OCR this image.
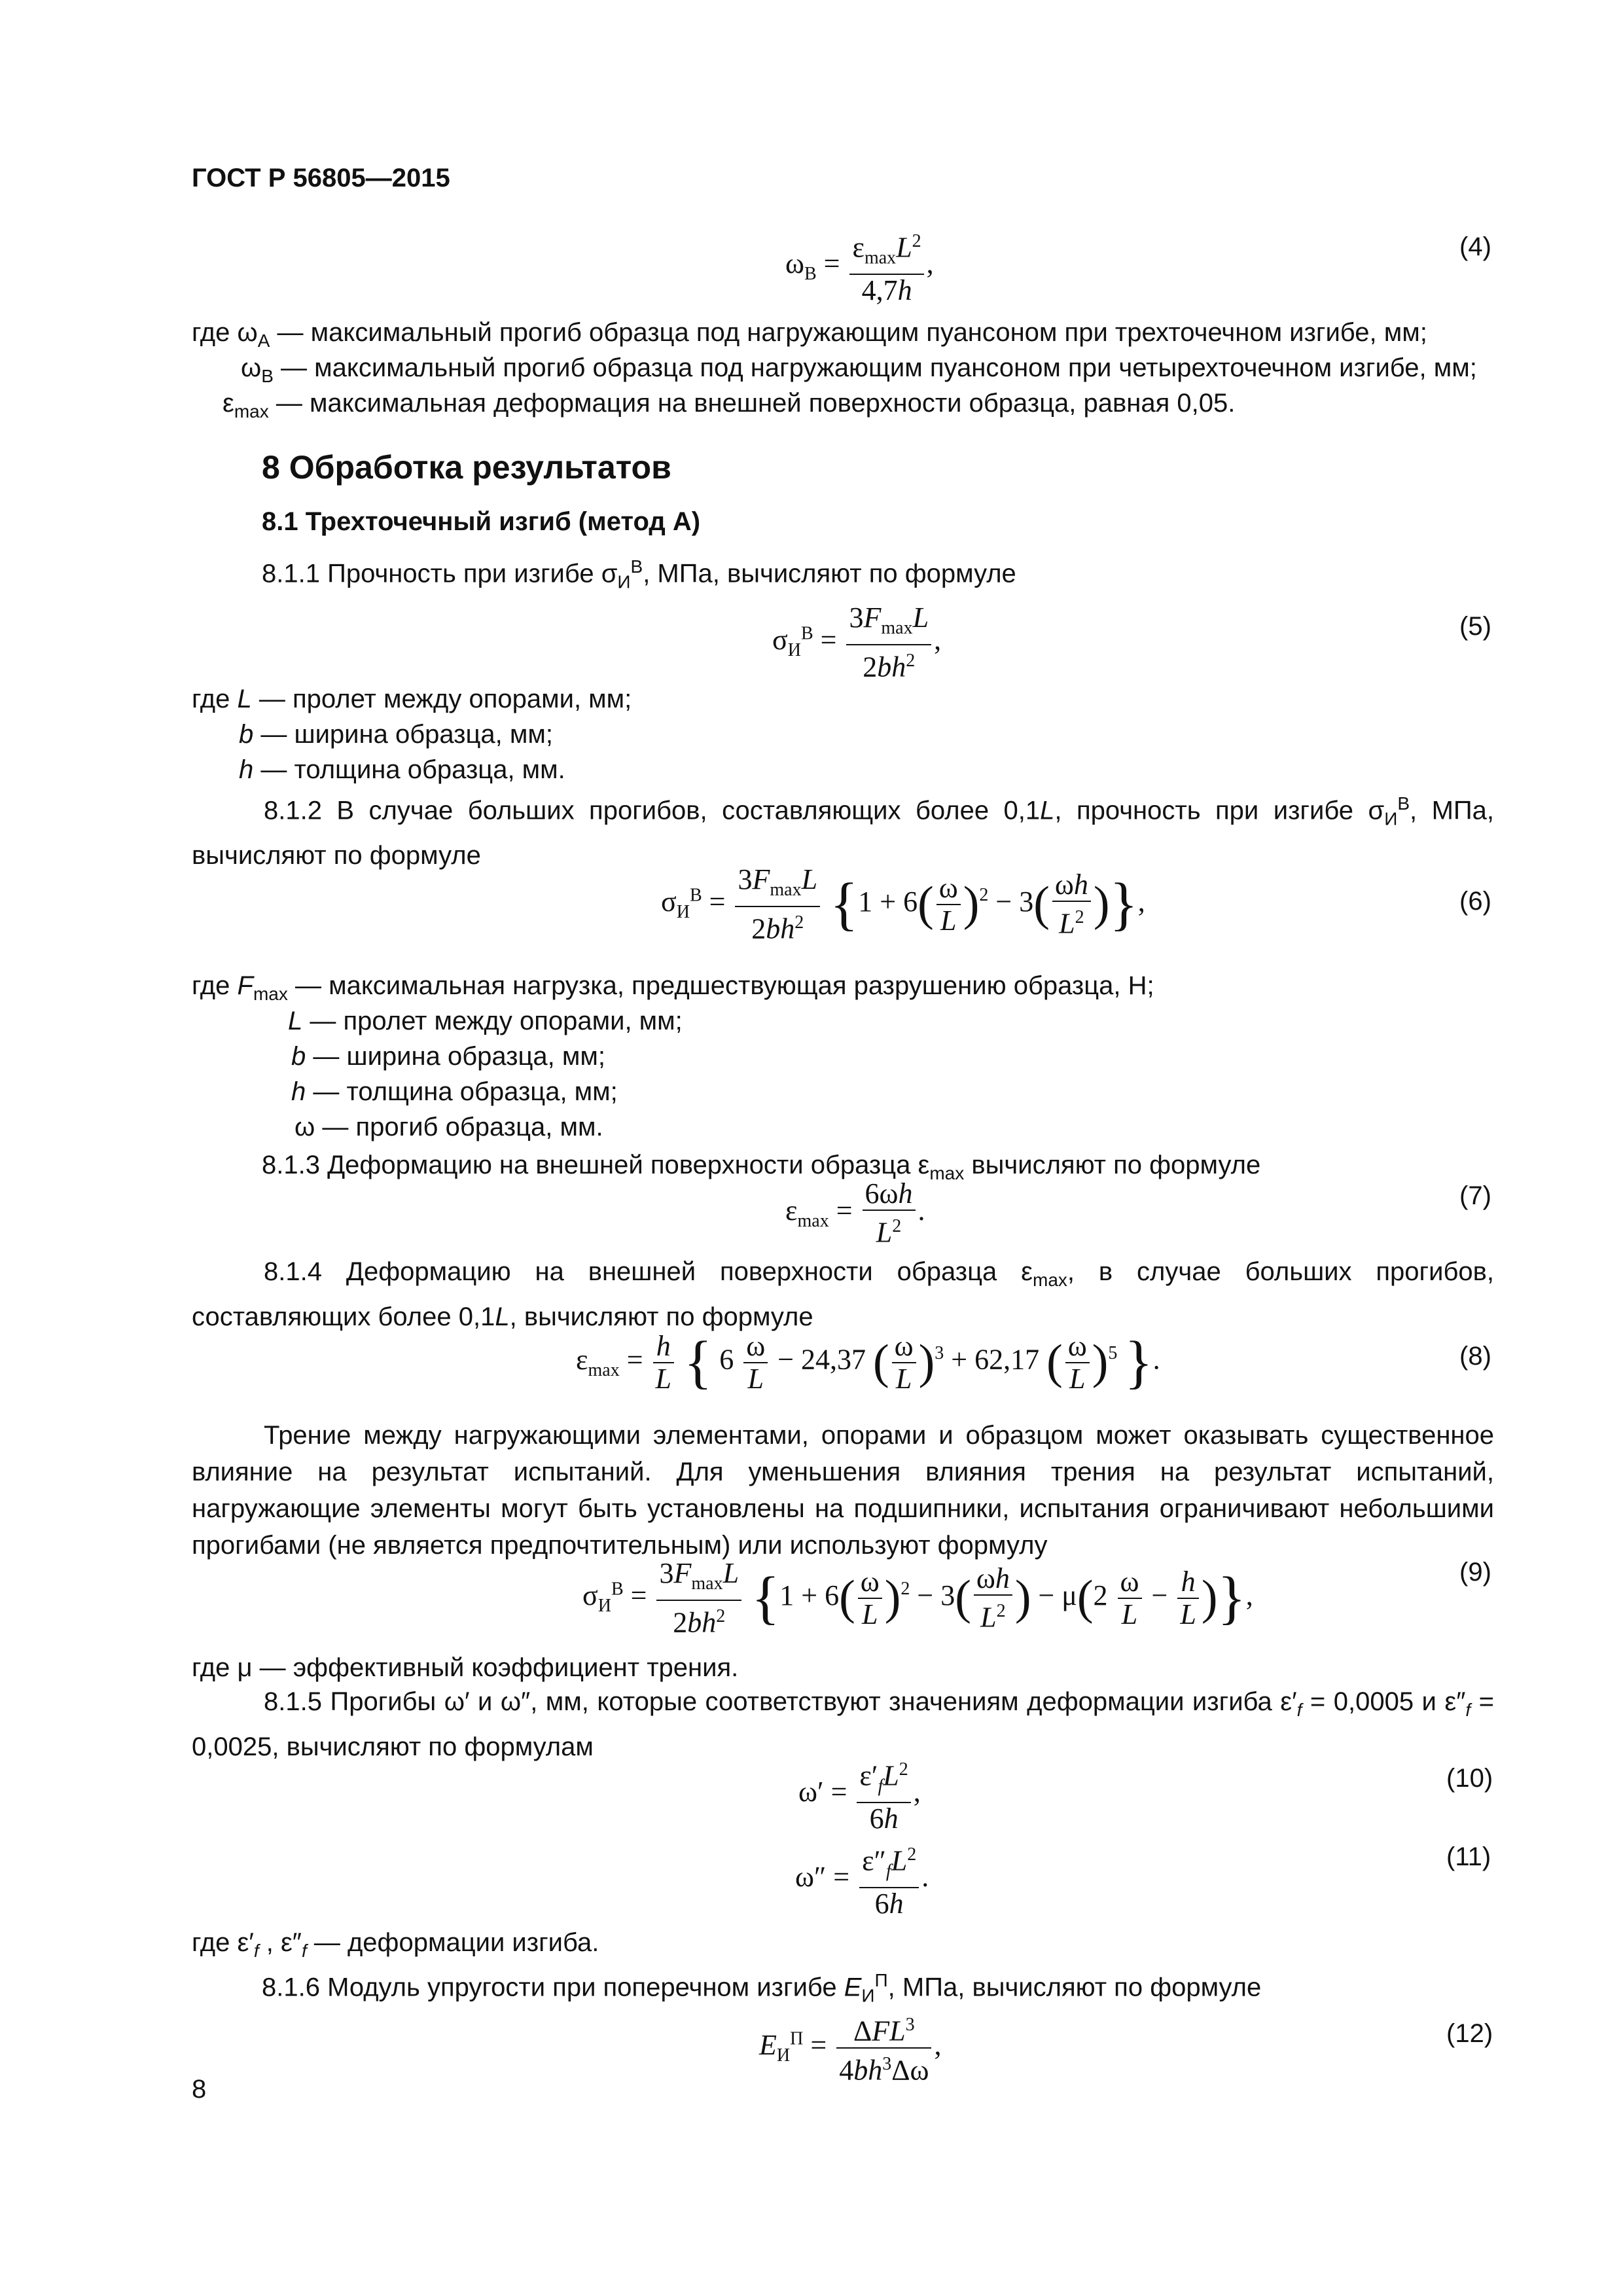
ГОСТ Р 56805—2015
$\omega_B = \frac{\varepsilon_{max}L^2}{4,7h}$ ,
(4)
где $\omega_A$ — максимальный прогиб образца под нагружающим пуансоном при трехточечном изгибе, мм;
$\omega_B$ — максимальный прогиб образца под нагружающим пуансоном при четырехточечном изгибе, мм;
$\varepsilon_{max}$ — максимальная деформация на внешней поверхности образца, равная 0,05.
8 Обработка результатов
8.1 Трехточечный изгиб (метод А)
8.1.1 Прочность при изгибе $\sigma_И^В$, МПа, вычисляют по формуле
$\sigma_И^В = \frac{3F_{max}L}{2bh^2}$ ,	(5)
где L — пролет между опорами, мм;
b — ширина образца, мм;
h — толщина образца, мм.
8.1.2 В случае больших прогибов, составляющих более 0,1L, прочность при изгибе $\sigma_И^В$, МПа, вычисляют по формуле
$\sigma_И^В = \frac{3F_{max}L}{2bh^2} \{1 + 6( \frac{\omega}{L} )^2 - 3( \frac{\omega h}{L^2}$ )},	(6)
где $F_{max}$ — максимальная нагрузка, предшествующая разрушению образца, Н;
L — пролет между опорами, мм;
b — ширина образца, мм;
h — толщина образца, мм;
ω — прогиб образца, мм.
8.1.3 Деформацию на внешней поверхности образца $\varepsilon_{max}$ вычисляют по формуле
$\varepsilon_{max} = \frac{6\omega h}{L^2}$ .	(7)
8.1.4 Деформацию на внешней поверхности образца $\varepsilon_{max}$, в случае больших прогибов, составляющих более 0,1L, вычисляют по формуле
$\varepsilon_{max} = \frac{h}{L}$ { $6 \frac{\omega}{L} - 24,37$ ( $\frac{\omega}{L} )^3 + 62,17$ ( $\frac{\omega}{L} )^5$ }.	(8)
Трение между нагружающими элементами, опорами и образцом может оказывать существенное влияние на результат испытаний. Для уменьшения влияния трения на результат испытаний, нагружающие элементы могут быть установлены на подшипники, испытания ограничивают небольшими прогибами (не является предпочтительным) или используют формулу
$\sigma_И^В = \frac{3F_{max}L}{2bh^2} \{1 + 6( \frac{\omega}{L} )^2 - 3( \frac{\omega h}{L^2}$ ) − $\mu(2 \frac{\omega}{L} - \frac{h}{L}$ )},
(9)
где μ — эффективный коэффициент трения.
8.1.5 Прогибы ω′ и ω″, мм, которые соответствуют значениям деформации изгиба $\varepsilon'_f = 0,0005$ и $\varepsilon''_f = 0,0025$, вычисляют по формулам
$\omega' = \frac{\varepsilon'_fL^2}{6h}$ ,	(10)
$\omega'' = \frac{\varepsilon''_fL^2}{6h}$ .
(11)
где $\varepsilon'_f$ , $\varepsilon''_f$ — деформации изгиба.
8.1.6 Модуль упругости при поперечном изгибе $E_И^П$, МПа, вычисляют по формуле
$E_И^П = \frac{\Delta FL^3}{4bh^3\Delta\omega}$ ,	(12)
8
